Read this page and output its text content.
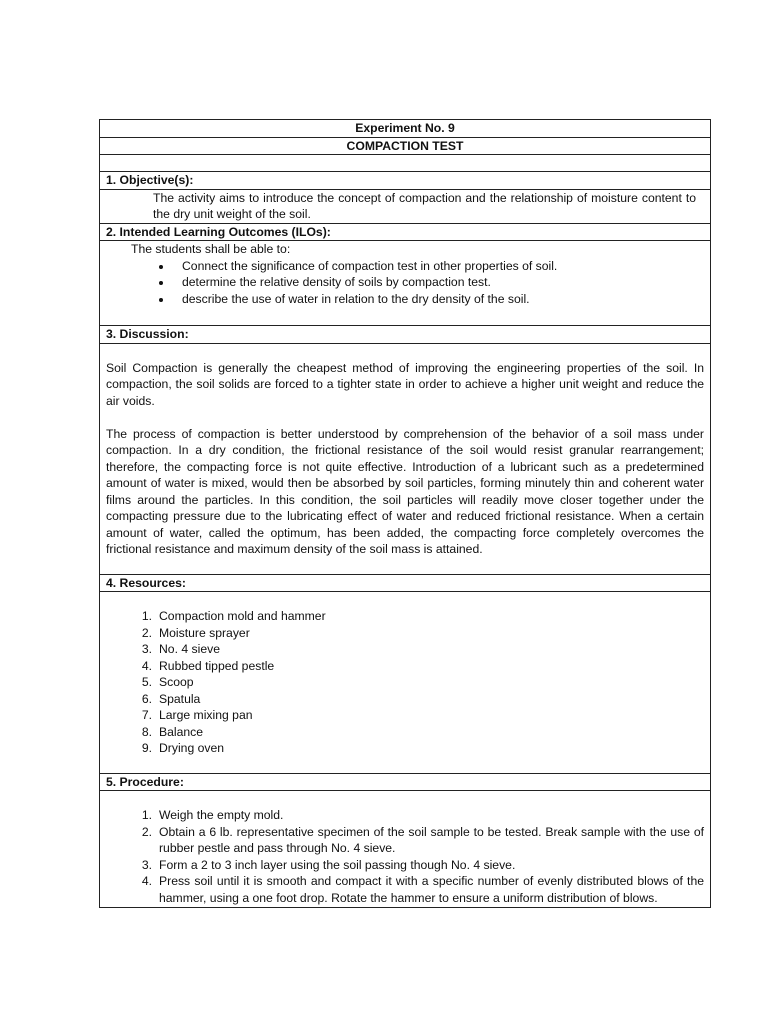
Experiment No. 9
COMPACTION TEST

1. Objective(s):
The activity aims to introduce the concept of compaction and the relationship of moisture content to the dry unit weight of the soil.
2. Intended Learning Outcomes (ILOs):

The students shall be able to:
Connect the significance of compaction test in other properties of soil.
determine the relative density of soils by compaction test.
describe the use of water in relation to the dry density of the soil.

3. Discussion:

Soil Compaction is generally the cheapest method of improving the engineering properties of the soil. In compaction, the soil solids are forced to a tighter state in order to achieve a higher unit weight and reduce the air voids.

The process of compaction is better understood by comprehension of the behavior of a soil mass under compaction. In a dry condition, the frictional resistance of the soil would resist granular rearrangement; therefore, the compacting force is not quite effective. Introduction of a lubricant such as a predetermined amount of water is mixed, would then be absorbed by soil particles, forming minutely thin and coherent water films around the particles. In this condition, the soil particles will readily move closer together under the compacting pressure due to the lubricating effect of water and reduced frictional resistance. When a certain amount of water, called the optimum, has been added, the compacting force completely overcomes the frictional resistance and maximum density of the soil mass is attained.

4. Resources:

1. Compaction mold and hammer
2. Moisture sprayer
3. No. 4 sieve
4. Rubbed tipped pestle
5. Scoop
6. Spatula
7. Large mixing pan
8. Balance
9. Drying oven

5. Procedure:

1. Weigh the empty mold.
2. Obtain a 6 lb. representative specimen of the soil sample to be tested. Break sample with the use of rubber pestle and pass through No. 4 sieve.
3. Form a 2 to 3 inch layer using the soil passing though No. 4 sieve.
4. Press soil until it is smooth and compact it with a specific number of evenly distributed blows of the hammer, using a one foot drop. Rotate the hammer to ensure a uniform distribution of blows.
